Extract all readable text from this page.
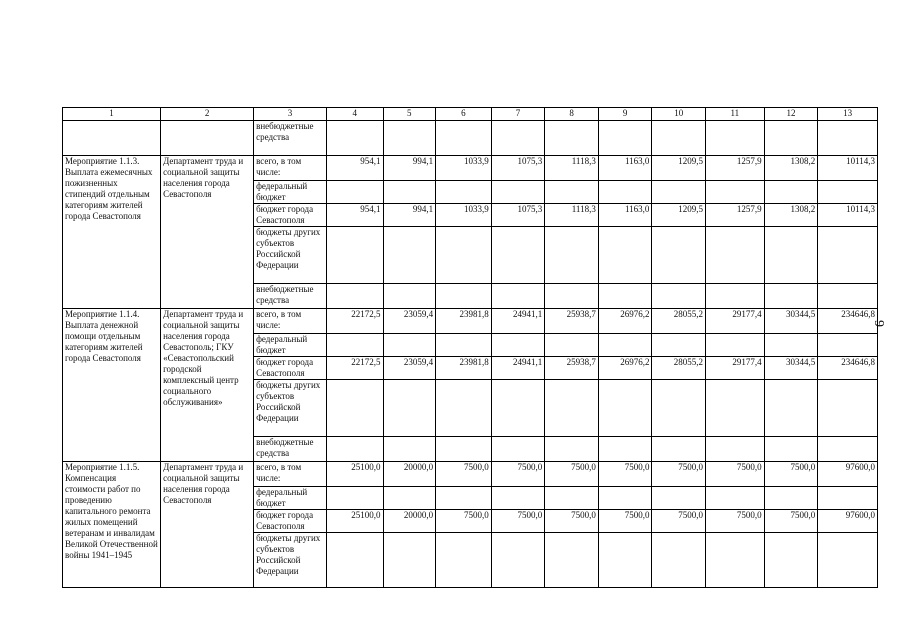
9
1	2	3	4	5	6	7	8	9	10	11	12	13
		внебюджетные средства										
Мероприятие 1.1.3. Выплата ежемесячных пожизненных стипендий отдельным категориям жителей города Севастополя	Департамент труда и социальной защиты населения города Севастополя	всего, в том числе:	954,1	994,1	1033,9	1075,3	1118,3	1163,0	1209,5	1257,9	1308,2	10114,3
		федеральный бюджет										
		бюджет города Севастополя	954,1	994,1	1033,9	1075,3	1118,3	1163,0	1209,5	1257,9	1308,2	10114,3
		бюджеты других субъектов Российской Федерации										
		внебюджетные средства										
Мероприятие 1.1.4. Выплата денежной помощи отдельным категориям жителей города Севастополя	Департамент труда и социальной защиты населения города Севастополь; ГКУ «Севастопольский городской комплексный центр социального обслуживания»	всего, в том числе:	22172,5	23059,4	23981,8	24941,1	25938,7	26976,2	28055,2	29177,4	30344,5	234646,8
		федеральный бюджет										
		бюджет города Севастополя	22172,5	23059,4	23981,8	24941,1	25938,7	26976,2	28055,2	29177,4	30344,5	234646,8
		бюджеты других субъектов Российской Федерации										
		внебюджетные средства										
Мероприятие 1.1.5. Компенсация стоимости работ по проведению капитального ремонта жилых помещений ветеранам и инвалидам Великой Отечественной войны 1941–1945	Департамент труда и социальной защиты населения города Севастополя	всего, в том числе:	25100,0	20000,0	7500,0	7500,0	7500,0	7500,0	7500,0	7500,0	7500,0	97600,0
		федеральный бюджет										
		бюджет города Севастополя	25100,0	20000,0	7500,0	7500,0	7500,0	7500,0	7500,0	7500,0	7500,0	97600,0
		бюджеты других субъектов Российской Федерации										
